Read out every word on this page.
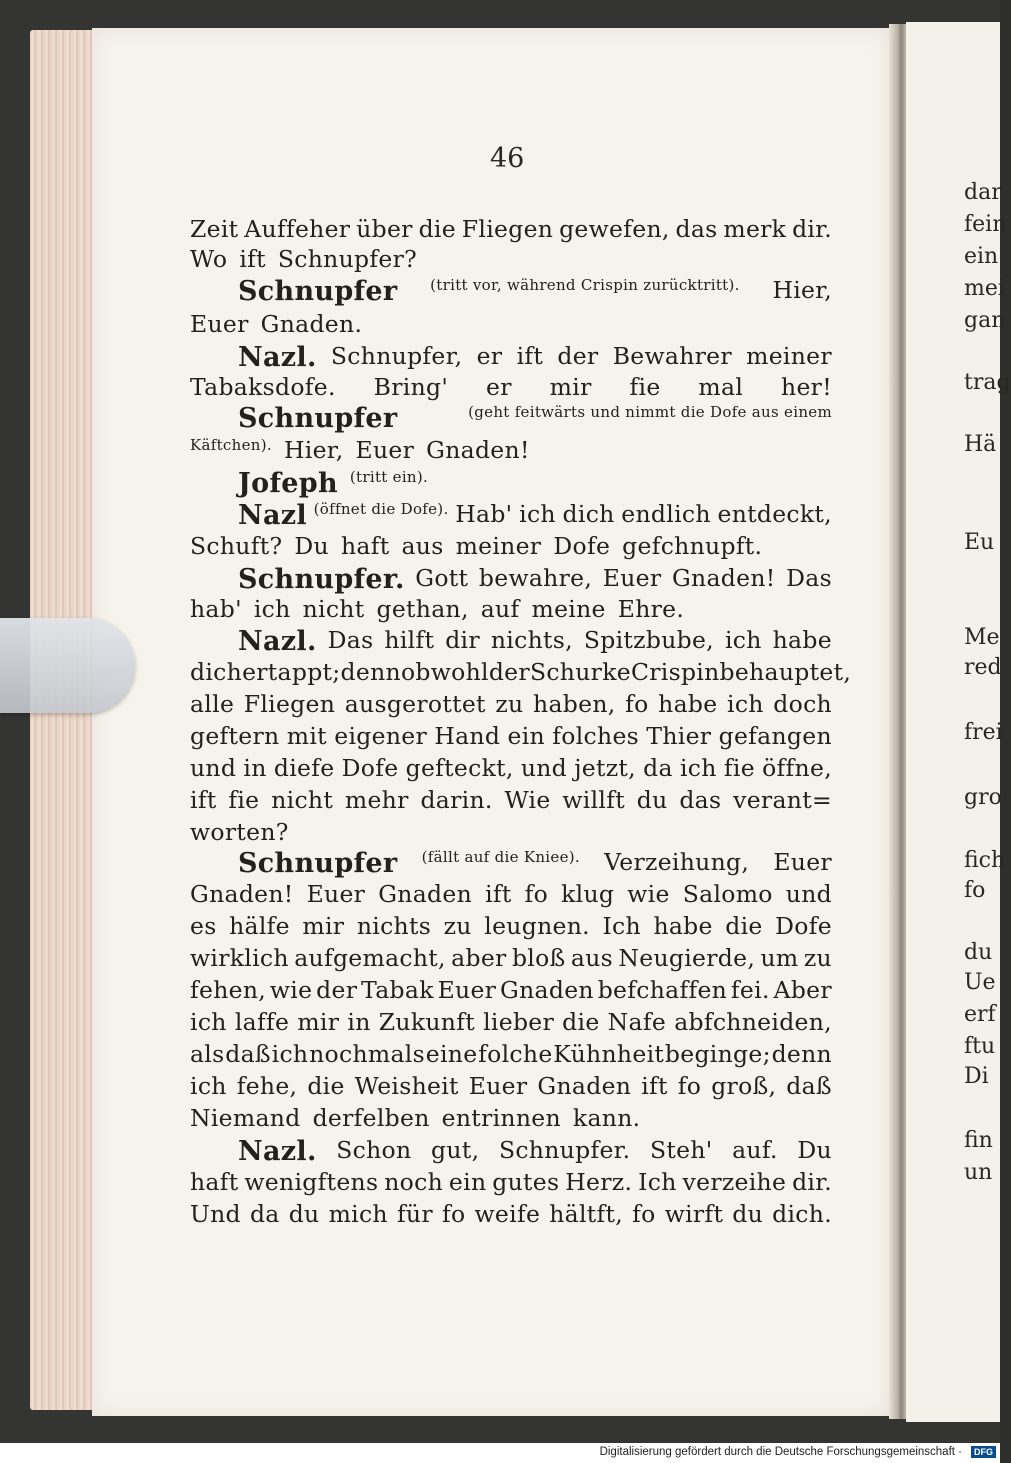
46
Zeit Auffeher über die Fliegen gewefen, das merk dir.
Wo ift Schnupfer?
Schnupfer (tritt vor, während Crispin zurücktritt). Hier,
Euer Gnaden.
Nazl. Schnupfer, er ift der Bewahrer meiner
Tabaksdofe. Bring' er mir fie mal her!
Schnupfer	(geht feitwärts und nimmt die Dofe aus einem
Käftchen). Hier, Euer Gnaden!
Jofeph (tritt ein).
Nazl (öffnet die Dofe). Hab' ich dich endlich entdeckt,
Schuft? Du haft aus meiner Dofe gefchnupft.
Schnupfer. Gott bewahre, Euer Gnaden! Das
hab' ich nicht gethan, auf meine Ehre.
Nazl. Das hilft dir nichts, Spitzbube, ich habe
dich ertappt; denn obwohl der Schurke Crispin behauptet,
alle Fliegen ausgerottet zu haben, fo habe ich doch
geftern mit eigener Hand ein folches Thier gefangen
und in diefe Dofe gefteckt, und jetzt, da ich fie öffne,
ift fie nicht mehr darin. Wie willft du das verant=
worten?
Schnupfer (fällt auf die Kniee). Verzeihung, Euer
Gnaden! Euer Gnaden ift fo klug wie Salomo und
es hälfe mir nichts zu leugnen. Ich habe die Dofe
wirklich aufgemacht, aber bloß aus Neugierde, um zu
fehen, wie der Tabak Euer Gnaden befchaffen fei. Aber
ich laffe mir in Zukunft lieber die Nafe abfchneiden,
als daß ich nochmals eine folche Kühnheit beginge; denn
ich fehe, die Weisheit Euer Gnaden ift fo groß, daß
Niemand derfelben entrinnen kann.
Nazl. Schon gut, Schnupfer. Steh' auf. Du
haft wenigftens noch ein gutes Herz. Ich verzeihe dir.
Und da du mich für fo weife hältft, fo wirft du dich.
dar
fein
ein
mei
gan
trag
Hä
Eu
Me
red
frei
gro
fich
fo
du
Ue
erf
ftu
Di
fin
un
Digitalisierung gefördert durch die Deutsche Forschungsgemeinschaft ·	DFG
